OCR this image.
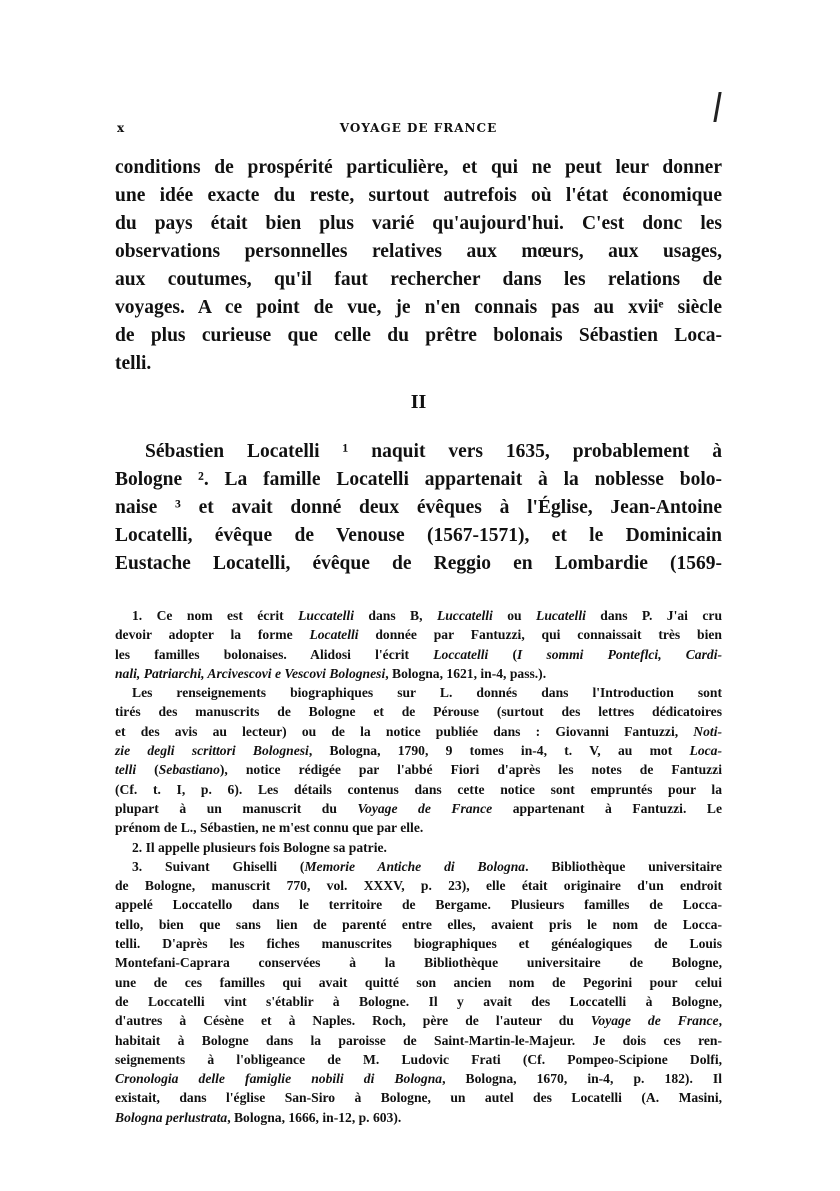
x	VOYAGE DE FRANCE
conditions de prospérité particulière, et qui ne peut leur donner
une idée exacte du reste, surtout autrefois où l'état économique
du pays était bien plus varié qu'aujourd'hui. C'est donc les
observations personnelles relatives aux mœurs, aux usages,
aux coutumes, qu'il faut rechercher dans les relations de
voyages. A ce point de vue, je n'en connais pas au xviiᵉ siècle
de plus curieuse que celle du prêtre bolonais Sébastien Loca-
telli.
II
Sébastien Locatelli ¹ naquit vers 1635, probablement à
Bologne ². La famille Locatelli appartenait à la noblesse bolo-
naise ³ et avait donné deux évêques à l'Église, Jean-Antoine
Locatelli, évêque de Venouse (1567-1571), et le Dominicain
Eustache Locatelli, évêque de Reggio en Lombardie (1569-
1. Ce nom est écrit Luccatelli dans B, Luccatelli ou Lucatelli dans P. J'ai cru
devoir adopter la forme Locatelli donnée par Fantuzzi, qui connaissait très bien
les familles bolonaises. Alidosi l'écrit Loccatelli (I sommi Ponteflci, Cardi-
nali, Patriarchi, Arcivescovi e Vescovi Bolognesi, Bologna, 1621, in-4, pass.).
Les renseignements biographiques sur L. donnés dans l'Introduction sont
tirés des manuscrits de Bologne et de Pérouse (surtout des lettres dédicatoires
et des avis au lecteur) ou de la notice publiée dans : Giovanni Fantuzzi, Noti-
zie degli scrittori Bolognesi, Bologna, 1790, 9 tomes in-4, t. V, au mot Loca-
telli (Sebastiano), notice rédigée par l'abbé Fiori d'après les notes de Fantuzzi
(Cf. t. I, p. 6). Les détails contenus dans cette notice sont empruntés pour la
plupart à un manuscrit du Voyage de France appartenant à Fantuzzi. Le
prénom de L., Sébastien, ne m'est connu que par elle.
2. Il appelle plusieurs fois Bologne sa patrie.
3. Suivant Ghiselli (Memorie Antiche di Bologna. Bibliothèque universitaire
de Bologne, manuscrit 770, vol. XXXV, p. 23), elle était originaire d'un endroit
appelé Loccatello dans le territoire de Bergame. Plusieurs familles de Locca-
tello, bien que sans lien de parenté entre elles, avaient pris le nom de Locca-
telli. D'après les fiches manuscrites biographiques et généalogiques de Louis
Montefani-Caprara conservées à la Bibliothèque universitaire de Bologne,
une de ces familles qui avait quitté son ancien nom de Pegorini pour celui
de Loccatelli vint s'établir à Bologne. Il y avait des Loccatelli à Bologne,
d'autres à Césène et à Naples. Roch, père de l'auteur du Voyage de France,
habitait à Bologne dans la paroisse de Saint-Martin-le-Majeur. Je dois ces ren-
seignements à l'obligeance de M. Ludovic Frati (Cf. Pompeo-Scipione Dolfi,
Cronologia delle famiglie nobili di Bologna, Bologna, 1670, in-4, p. 182). Il
existait, dans l'église San-Siro à Bologne, un autel des Locatelli (A. Masini,
Bologna perlustrata, Bologna, 1666, in-12, p. 603).
